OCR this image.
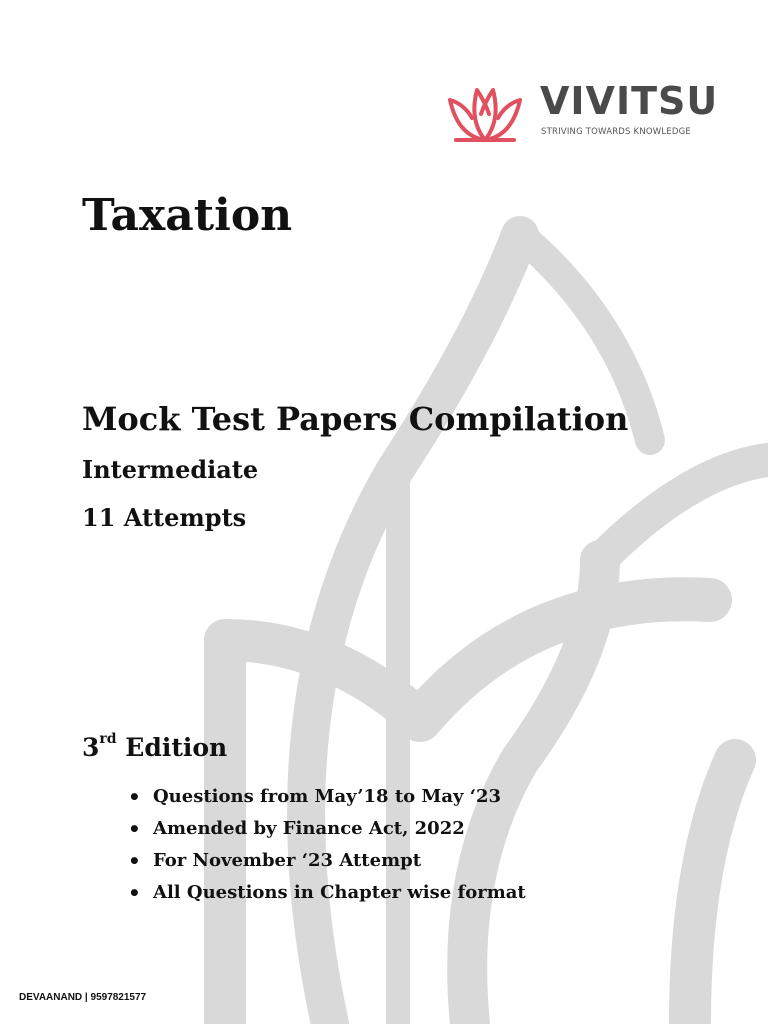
VIVITSU
STRIVING TOWARDS KNOWLEDGE
Taxation
Mock Test Papers Compilation
Intermediate
11 Attempts
3rd Edition
• Questions from May’18 to May ‘23
• Amended by Finance Act, 2022
• For November ‘23 Attempt
• All Questions in Chapter wise format
DEVAANAND | 9597821577
